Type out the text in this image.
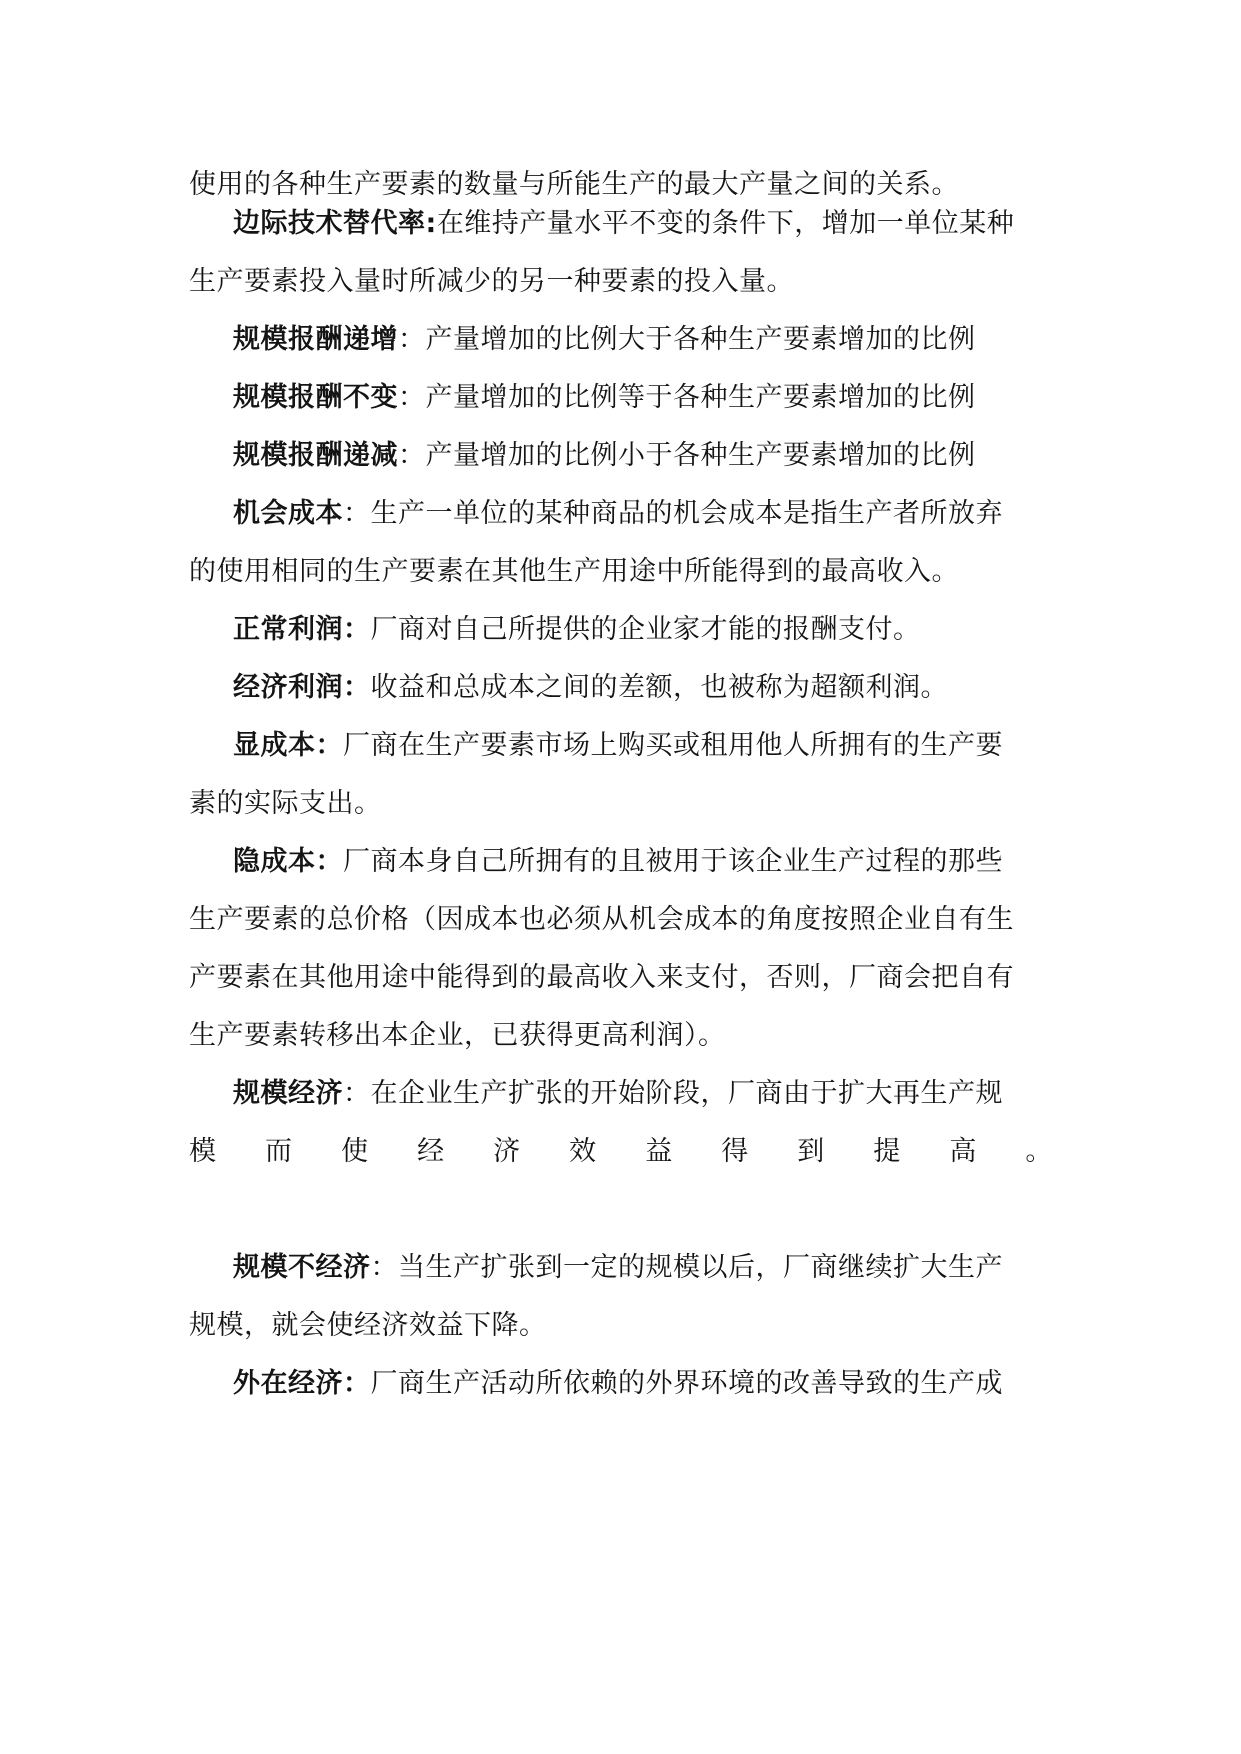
使用的各种生产要素的数量与所能生产的最大产量之间的关系。
边际技术替代率:在维持产量水平不变的条件下，增加一单位某种
生产要素投入量时所减少的另一种要素的投入量。
规模报酬递增：产量增加的比例大于各种生产要素增加的比例
规模报酬不变：产量增加的比例等于各种生产要素增加的比例
规模报酬递减：产量增加的比例小于各种生产要素增加的比例
机会成本：生产一单位的某种商品的机会成本是指生产者所放弃
的使用相同的生产要素在其他生产用途中所能得到的最高收入。
正常利润：厂商对自己所提供的企业家才能的报酬支付。
经济利润：收益和总成本之间的差额，也被称为超额利润。
显成本：厂商在生产要素市场上购买或租用他人所拥有的生产要
素的实际支出。
隐成本：厂商本身自己所拥有的且被用于该企业生产过程的那些
生产要素的总价格（因成本也必须从机会成本的角度按照企业自有生
产要素在其他用途中能得到的最高收入来支付，否则，厂商会把自有
生产要素转移出本企业，已获得更高利润）。
规模经济：在企业生产扩张的开始阶段，厂商由于扩大再生产规
模 而 使 经 济 效 益 得 到 提 高 。
规模不经济：当生产扩张到一定的规模以后，厂商继续扩大生产
规模，就会使经济效益下降。
外在经济：厂商生产活动所依赖的外界环境的改善导致的生产成
